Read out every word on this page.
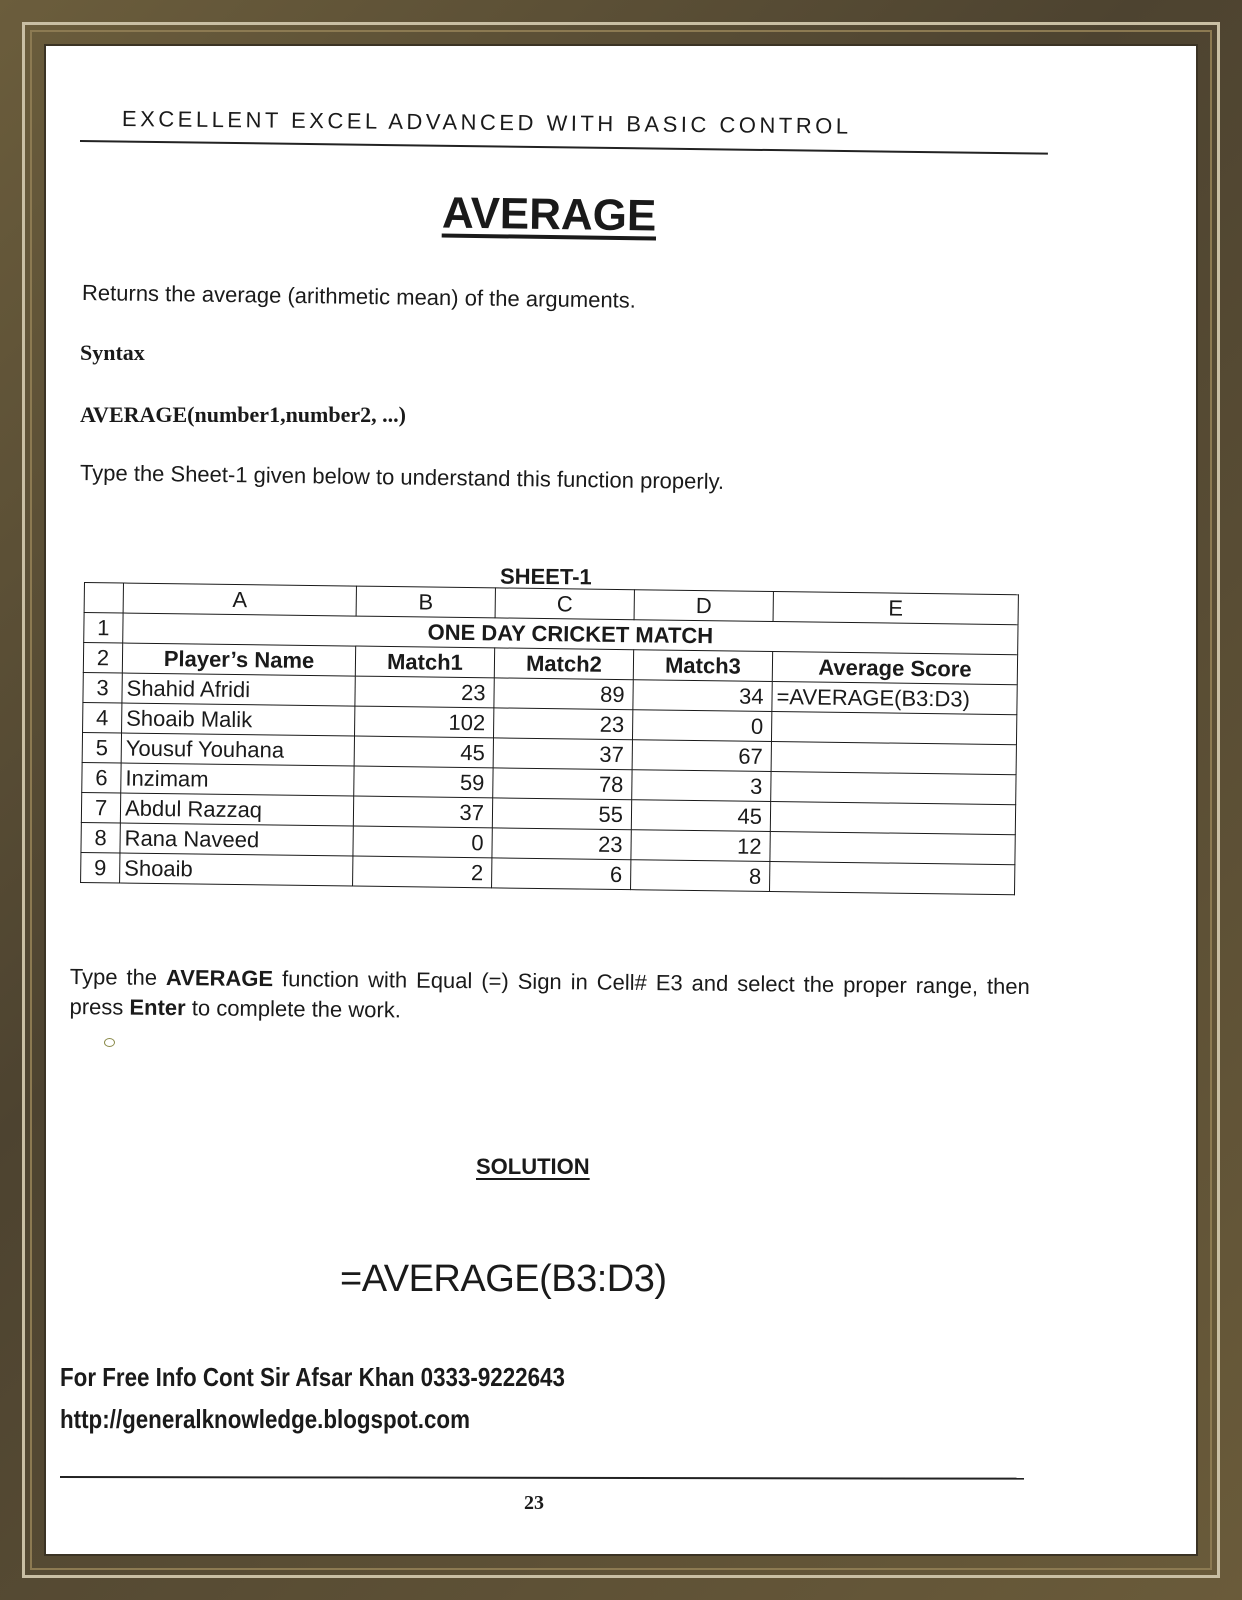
EXCELLENT EXCEL ADVANCED WITH BASIC CONTROL
AVERAGE
Returns the average (arithmetic mean) of the arguments.
Syntax
AVERAGE(number1,number2, ...)
Type the Sheet-1 given below to understand this function properly.
SHEET-1
	A	B	C	D	E
1	ONE DAY CRICKET MATCH				
2	Player’s Name	Match1	Match2	Match3	Average Score
3	Shahid Afridi	23	89	34	=AVERAGE(B3:D3)
4	Shoaib Malik	102	23	0	
5	Yousuf Youhana	45	37	67	
6	Inzimam	59	78	3	
7	Abdul Razzaq	37	55	45	
8	Rana Naveed	0	23	12	
9	Shoaib	2	6	8	
Type the AVERAGE function with Equal (=) Sign in Cell# E3 and select the proper range, then press Enter to complete the work.
SOLUTION
=AVERAGE(B3:D3)
For Free Info Cont Sir Afsar Khan 0333-9222643
http://generalknowledge.blogspot.com
23
